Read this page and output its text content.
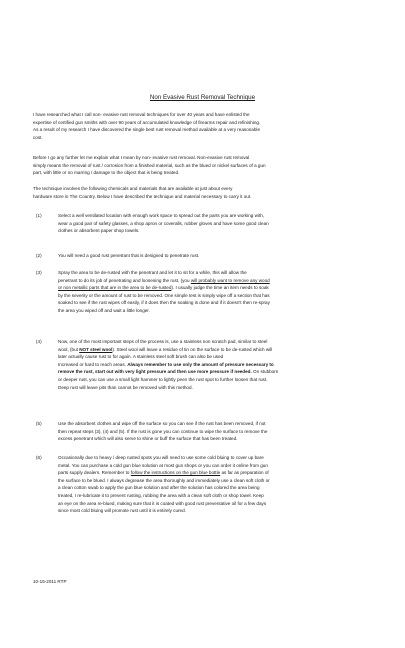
Non Evasive Rust Removal Technique

I have researched what I call non- evasive rust removal techniques for over 40 years and have enlisted the
expertise of certified gun smiths with over 90 years of accumulated knowledge of firearms repair and refinishing.
As a result of my research I have discovered the single best rust removal method available at a very reasonable
cost.

Before I go any further let me explain what I mean by non- evasive rust removal. Non-evasive rust removal
simply means the removal of rust / corrosion from a finished material, such as the blued or nickel surfaces of a gun
part, with little or no marring / damage to the object that is being treated.

The technique involves the following chemicals and materials that are available at just about every
hardware store in The Country. Below I have described the technique and material necessary to carry it out.

(1)	Select a well ventilated location with enough work space to spread out the parts you are working with,
wear a good pair of safety glasses, a shop apron or coveralls, rubber gloves and have some good clean
clothes or absorbent paper shop towels.
(2)	You will need a good rust penetrant that is designed to penetrate rust.
(3)	Spray the area to be de-rusted with the penetrant and let it to sit for a while, this will allow the
penetrant to do its job of penetrating and loosening the rust, (you will probably want to remove any wood
or non metallic parts that are in the area to be de-rusted). I usually judge the time an item needs to soak
by the severity or the amount of rust to be removed. One simple test is simply wipe off a section that has
soaked to see if the rust wipes off easily, if it does then the soaking is done and if it doesn't then re-spray
the area you wiped off and wait a little longer.
(4)	Now, one of the most important steps of the process is, use a stainless non scratch pad, similar to steel
wool, (but NOT steel wool). Steel wool will leave a residue of tin on the surface to be de-rusted which will
later actually cause rust to for again. A stainless steel soft brush can also be used
Increased or hard to reach areas. Always remember to use only the amount of pressure necessary to
remove the rust, start out with very light pressure and then use more pressure if needed. On stubborn
or deeper rust, you can use a small light hammer to lightly peen the rust spot to further loosen that rust.
Deep rust will leave pits than cannot be removed with this method.
(5)	Use the absorbent clothes and wipe off the surface so you can see if the rust has been removed, if not
then repeat steps (3), (4) and (5). If the rust is gone you can continue to wipe the surface to remove the
excess penetrant which will also serve to shine or buff the surface that has been treated.
(6)	Occasionally due to heavy / deep rusted spots you will need to use some cold bluing to cover up bare
metal. You can purchase a cold gun blue solution at most gun shops or you can order it online from gun
parts supply dealers. Remember to follow the instructions on the gun blue bottle as far as preparation of
the surface to be blued. I always degrease the area thoroughly and immediately use a clean soft cloth or
a clean cotton swab to apply the gun blue solution and after the solution has colored the area being
treated, I re-lubricate it to prevent rusting, rubbing the area with a clean soft cloth or shop towel. Keep
an eye on the area re-blued, making sure that it is coated with good rust preventative oil for a few days
since most cold bluing will promote rust until it is entirely cured.
10-15-2011 RTP
